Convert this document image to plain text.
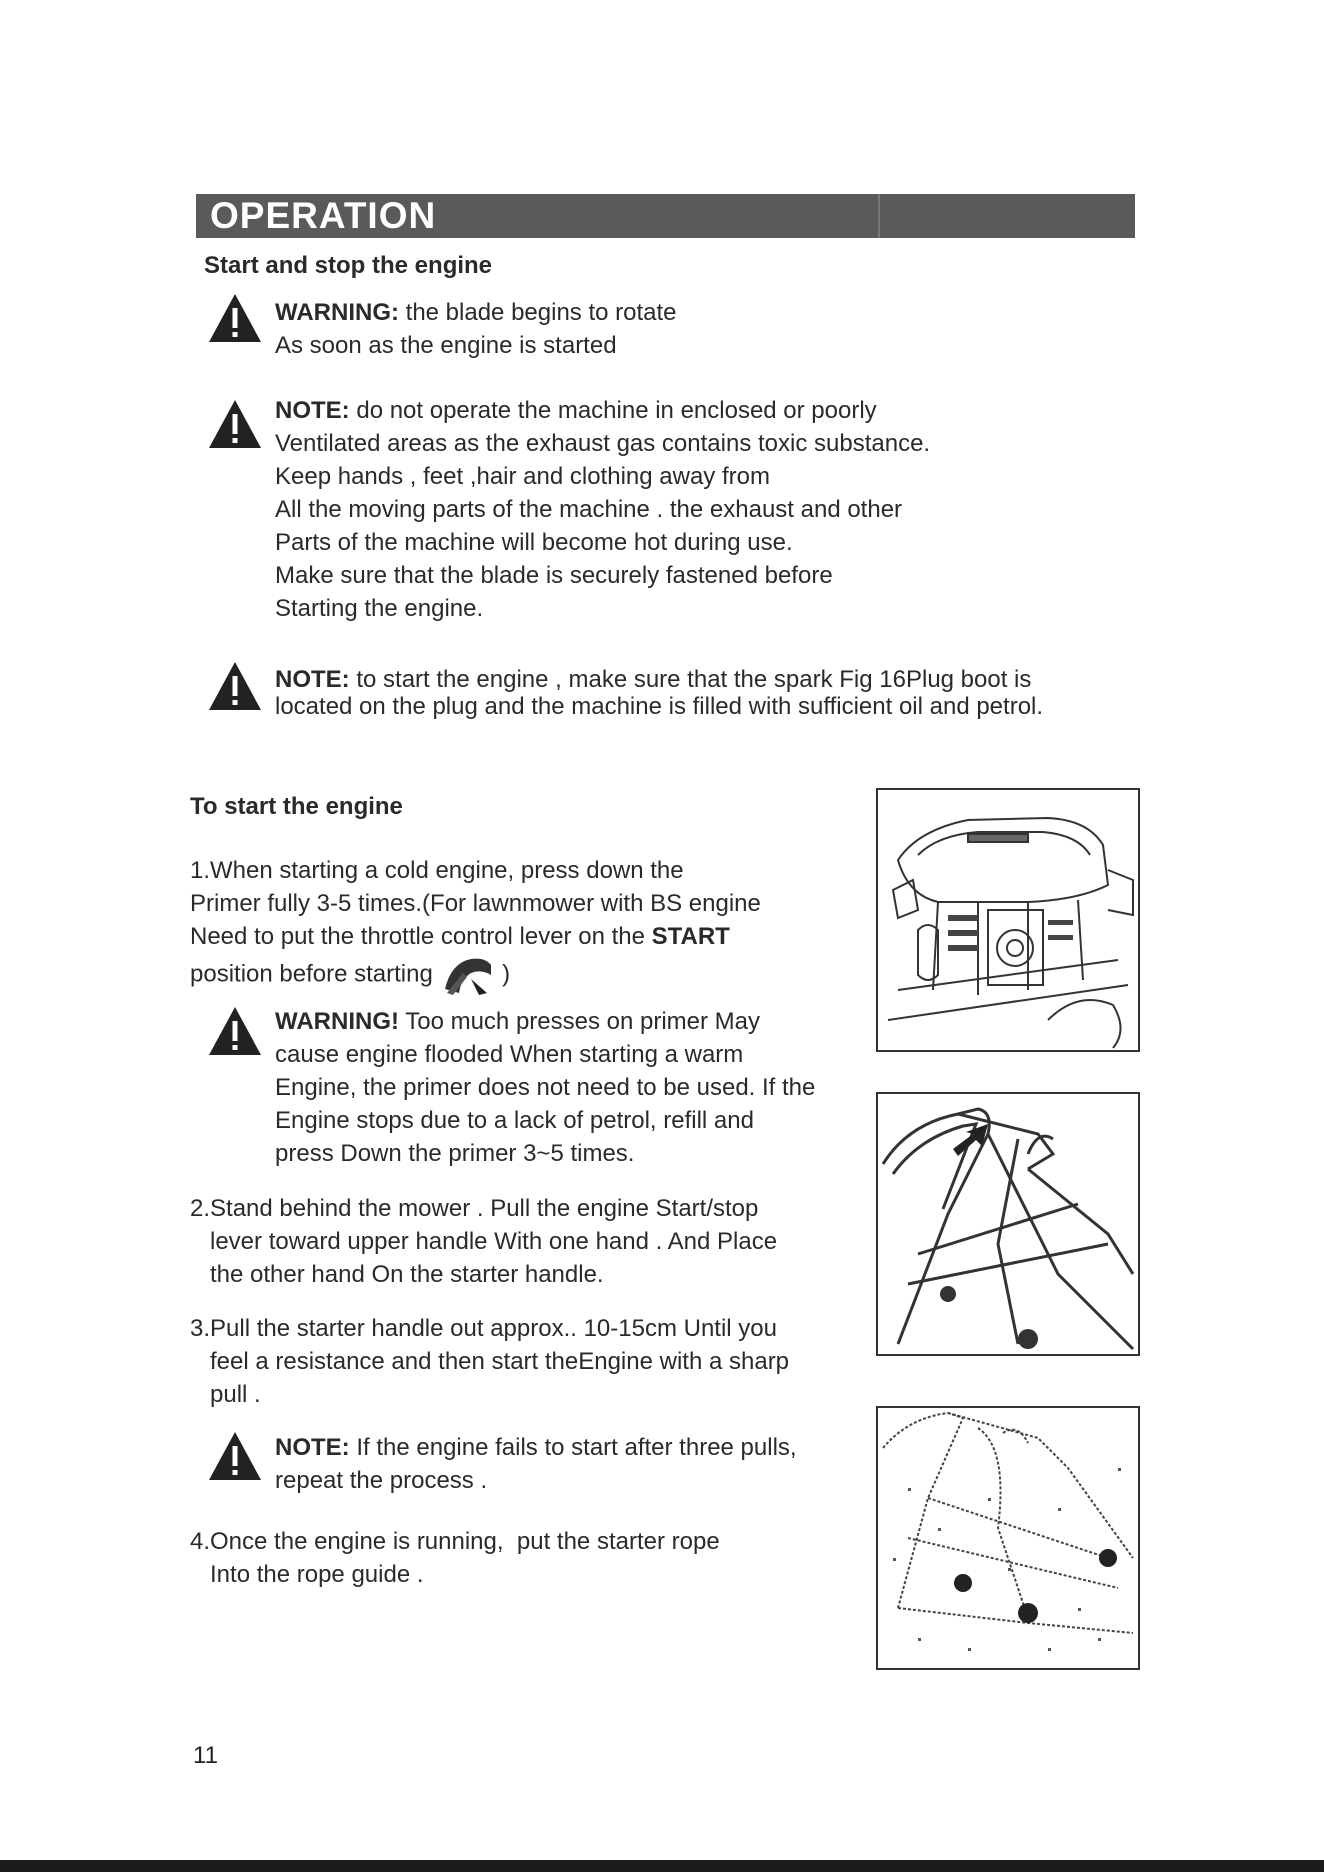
OPERATION
Start and stop the engine
WARNING: the blade begins to rotate
As soon as the engine is started
NOTE: do not operate the machine in enclosed or poorly
Ventilated areas as the exhaust gas contains toxic substance.
Keep hands , feet ,hair and clothing away from
All the moving parts of the machine . the exhaust and other
Parts of the machine will become hot during use.
Make sure that the blade is securely fastened before
Starting the engine.
NOTE: to start the engine , make sure that the spark Fig 16Plug boot is
located on the plug and the machine is filled with sufficient oil and petrol.
To start the engine
1.When starting a cold engine, press down the
Primer fully 3-5 times.(For lawnmower with BS engine
Need to put the throttle control lever on the START
position before starting  )
WARNING! Too much presses on primer May
cause engine flooded When starting a warm
Engine, the primer does not need to be used. If the
Engine stops due to a lack of petrol, refill and
press Down the primer 3~5 times.
2.Stand behind the mower . Pull the engine Start/stop
lever toward upper handle With one hand . And Place
the other hand On the starter handle.
3.Pull the starter handle out approx.. 10-15cm Until you
feel a resistance and then start theEngine with a sharp
pull .
NOTE: If the engine fails to start after three pulls,
repeat the process .
4.Once the engine is running,  put the starter rope
Into the rope guide .
11
